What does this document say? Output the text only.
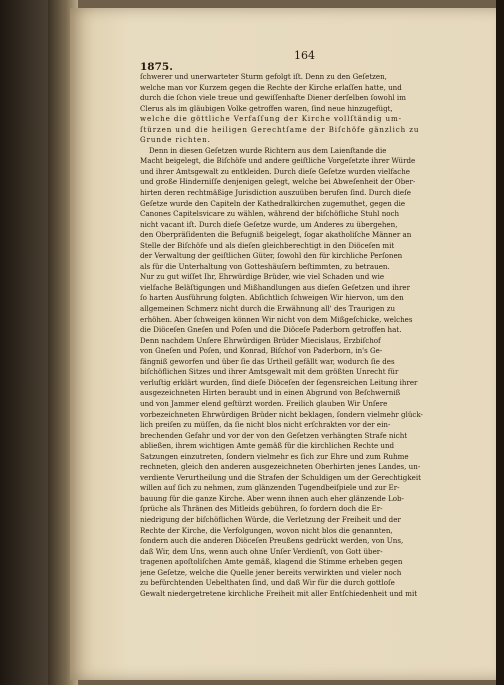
1875.
164
ſchwerer und unerwarteter Sturm gefolgt iſt. Denn zu den Geſetzen,
welche man vor Kurzem gegen die Rechte der Kirche erlaſſen hatte, und
durch die ſchon viele treue und gewiſſenhafte Diener derſelben ſowohl im
Clerus als im gläubigen Volke getroffen waren, ſind neue hinzugefügt,
welche die göttliche Verfaſſung der Kirche vollſtändig um-
ſtürzen und die heiligen Gerechtſame der Biſchöfe gänzlich zu
Grunde richten.
Denn in diesen Geſetzen wurde Richtern aus dem Laienſtande die
Macht beigelegt, die Biſchöfe und andere geiſtliche Vorgeſetzte ihrer Würde
und ihrer Amtsgewalt zu entkleiden. Durch dieſe Geſetze wurden vielfache
und große Hinderniſſe denjenigen gelegt, welche bei Abweſenheit der Ober-
hirten deren rechtmäßige Jurisdiction auszuüben berufen ſind. Durch dieſe
Geſetze wurde den Capiteln der Kathedralkirchen zugemuthet, gegen die
Canones Capitelsvicare zu wählen, während der biſchöfliche Stuhl noch
nicht vacant iſt. Durch dieſe Geſetze wurde, um Anderes zu übergehen,
den Oberpräſidenten die Befugniß beigelegt, ſogar akatholiſche Männer an
Stelle der Biſchöfe und als dieſen gleichberechtigt in den Diöceſen mit
der Verwaltung der geiſtlichen Güter, ſowohl den für kirchliche Perſonen
als für die Unterhaltung von Gotteshäuſern beſtimmten, zu betrauen.
Nur zu gut wiſſet Ihr, Ehrwürdige Brüder, wie viel Schaden und wie
vielfache Beläſtigungen und Mißhandlungen aus dieſen Geſetzen und ihrer
ſo harten Ausführung folgten. Abſichtlich ſchweigen Wir hiervon, um den
allgemeinen Schmerz nicht durch die Erwähnung all' des Traurigen zu
erhöhen. Aber ſchweigen können Wir nicht von dem Mißgeſchicke, welches
die Diöceſen Gneſen und Poſen und die Diöceſe Paderborn getroffen hat.
Denn nachdem Unſere Ehrwürdigen Brüder Miecislaus, Erzbiſchof
von Gneſen und Poſen, und Konrad, Biſchof von Paderborn, in's Ge-
fängniß geworfen und über ſie das Urtheil gefällt war, wodurch ſie des
biſchöflichen Sitzes und ihrer Amtsgewalt mit dem größten Unrecht für
verluſtig erklärt wurden, ſind dieſe Diöceſen der ſegensreichen Leitung ihrer
ausgezeichneten Hirten beraubt und in einen Abgrund von Beſchwerniß
und von Jammer elend geſtürzt worden. Freilich glauben Wir Unſere
vorbezeichneten Ehrwürdigen Brüder nicht beklagen, ſondern vielmehr glück-
lich preiſen zu müſſen, da ſie nicht blos nicht erſchrakten vor der ein-
brechenden Gefahr und vor der von den Geſetzen verhängten Strafe nicht
abließen, ihrem wichtigen Amte gemäß für die kirchlichen Rechte und
Satzungen einzutreten, ſondern vielmehr es ſich zur Ehre und zum Ruhme
rechneten, gleich den anderen ausgezeichneten Oberhirten jenes Landes, un-
verdiente Verurtheilung und die Strafen der Schuldigen um der Gerechtigkeit
willen auf ſich zu nehmen, zum glänzenden Tugendbeiſpiele und zur Er-
bauung für die ganze Kirche. Aber wenn ihnen auch eher glänzende Lob-
ſprüche als Thränen des Mitleids gebühren, ſo fordern doch die Er-
niedrigung der biſchöflichen Würde, die Verletzung der Freiheit und der
Rechte der Kirche, die Verfolgungen, wovon nicht blos die genannten,
ſondern auch die anderen Diöceſen Preußens gedrückt werden, von Uns,
daß Wir, dem Uns, wenn auch ohne Unſer Verdienſt, von Gott über-
tragenen apoſtoliſchen Amte gemäß, klagend die Stimme erheben gegen
jene Geſetze, welche die Quelle jener bereits verwirkten und vieler noch
zu befürchtenden Uebelthaten ſind, und daß Wir für die durch gottloſe
Gewalt niedergetretene kirchliche Freiheit mit aller Entſchiedenheit und mit
